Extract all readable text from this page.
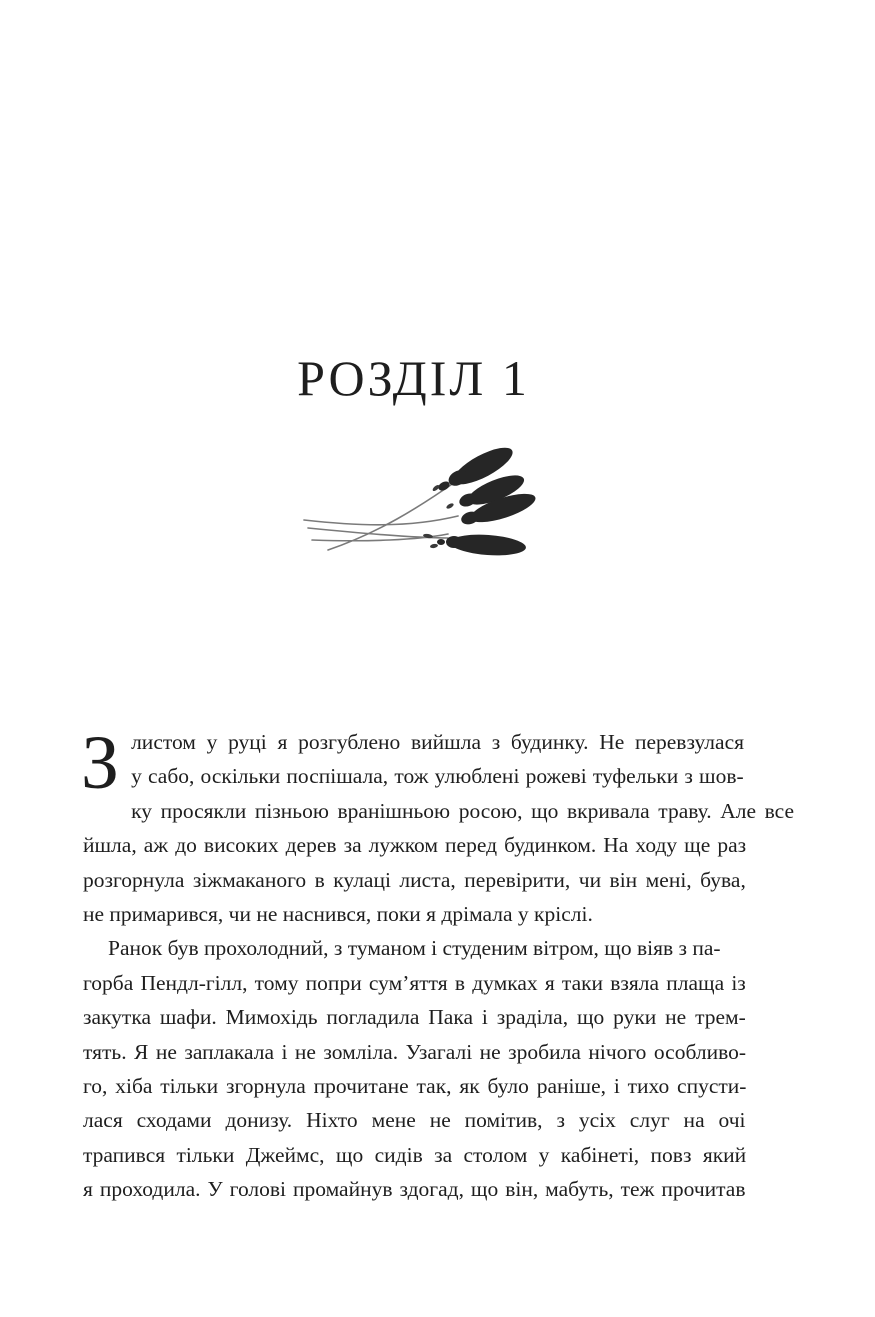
РОЗДІЛ 1

З листом у руці я розгублено вийшла з будинку. Не перевзулася
у сабо, оскільки поспішала, тож улюблені рожеві туфельки з шов-
ку просякли пізньою вранішньою росою, що вкривала траву. Але все
йшла, аж до високих дерев за лужком перед будинком. На ходу ще раз
розгорнула зіжмаканого в кулаці листа, перевірити, чи він мені, бува,
не примарився, чи не наснився, поки я дрімала у кріслі.

Ранок був прохолодний, з туманом і студеним вітром, що віяв з па-
горба Пендл-гілл, тому попри сум’яття в думках я таки взяла плаща із
закутка шафи. Мимохідь погладила Пака і зраділа, що руки не трем-
тять. Я не заплакала і не зомліла. Узагалі не зробила нічого особливо-
го, хіба тільки згорнула прочитане так, як було раніше, і тихо спусти-
лася сходами донизу. Ніхто мене не помітив, з усіх слуг на очі
трапився тільки Джеймс, що сидів за столом у кабінеті, повз який
я проходила. У голові промайнув здогад, що він, мабуть, теж прочитав
